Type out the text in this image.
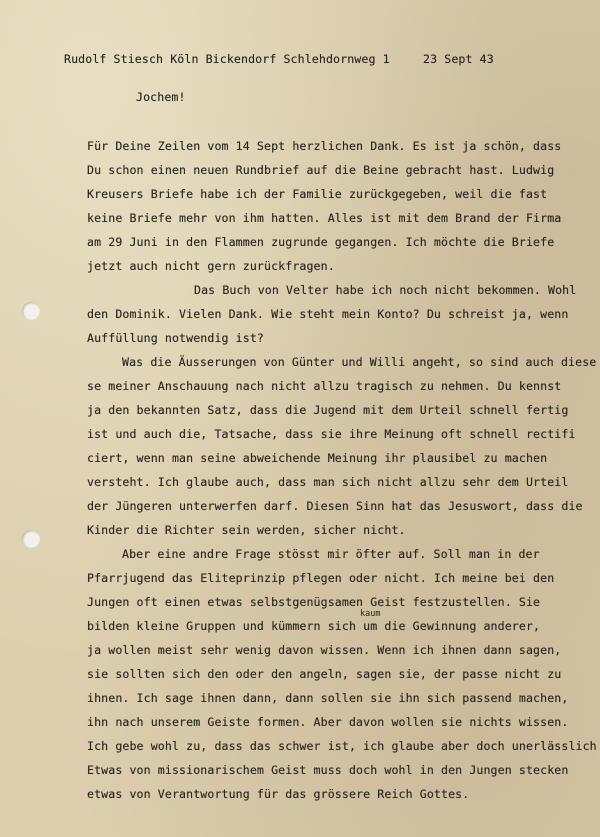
Rudolf Stiesch Köln Bickendorf Schlehdornweg 1	23 Sept 43
Jochem!
Für Deine Zeilen vom 14 Sept herzlichen Dank. Es ist ja schön, dass
Du schon einen neuen Rundbrief auf die Beine gebracht hast. Ludwig
Kreusers Briefe habe ich der Familie zurückgegeben, weil die fast
keine Briefe mehr von ihm hatten. Alles ist mit dem Brand der Firma
am 29 Juni in den Flammen zugrunde gegangen. Ich möchte die Briefe
jetzt auch nicht gern zurückfragen.
Das Buch von Velter habe ich noch nicht bekommen. Wohl
den Dominik. Vielen Dank. Wie steht mein Konto? Du schreist ja, wenn
Auffüllung notwendig ist?
Was die Äusserungen von Günter und Willi angeht, so sind auch diese
se meiner Anschauung nach nicht allzu tragisch zu nehmen. Du kennst
ja den bekannten Satz, dass die Jugend mit dem Urteil schnell fertig
ist und auch die, Tatsache, dass sie ihre Meinung oft schnell rectifi
ciert, wenn man seine abweichende Meinung ihr plausibel zu machen
versteht. Ich glaube auch, dass man sich nicht allzu sehr dem Urteil
der Jüngeren unterwerfen darf. Diesen Sinn hat das Jesuswort, dass die
Kinder die Richter sein werden, sicher nicht.
Aber eine andre Frage stösst mir öfter auf. Soll man in der
Pfarrjugend das Eliteprinzip pflegen oder nicht. Ich meine bei den
Jungen oft einen etwas selbstgenügsamen Geist festzustellen. Sie
kaum
bilden kleine Gruppen und kümmern sich um die Gewinnung anderer,
ja wollen meist sehr wenig davon wissen. Wenn ich ihnen dann sagen,
sie sollten sich den oder den angeln, sagen sie, der passe nicht zu
ihnen. Ich sage ihnen dann, dann sollen sie ihn sich passend machen,
ihn nach unserem Geiste formen. Aber davon wollen sie nichts wissen.
Ich gebe wohl zu, dass das schwer ist, ich glaube aber doch unerlässlich
Etwas von missionarischem Geist muss doch wohl in den Jungen stecken
etwas von Verantwortung für das grössere Reich Gottes.
